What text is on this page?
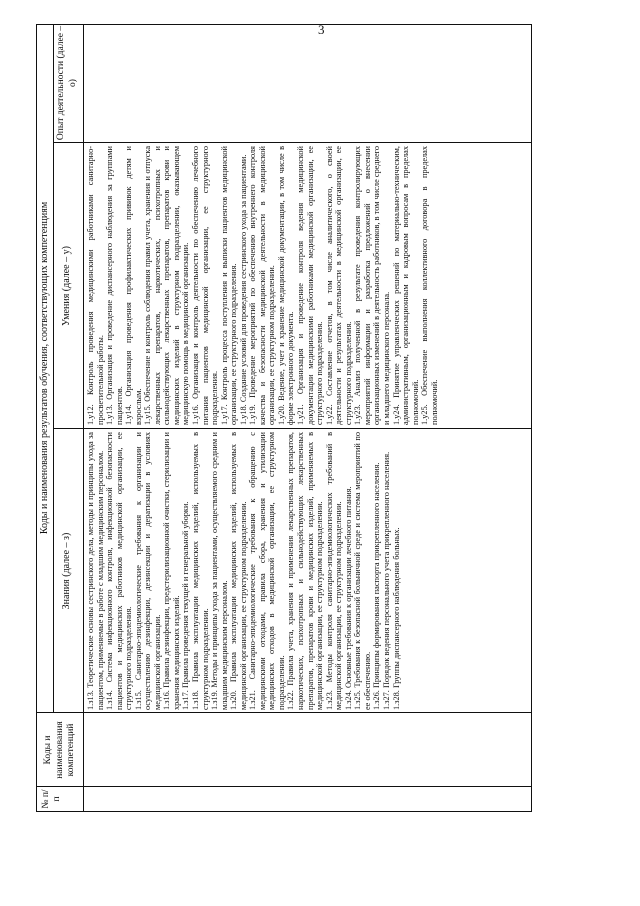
3
№ п/п
Коды и наименования результатов обучения, соответствующих компетенциям
Коды и наименования компетенций
Знания (далее – з)
Умения (далее – у)
Опыт деятельности (далее – о)

1.з13. Теоретические основы сестринского дела, методы и принципы ухода за пациентом, применяемые в работе с младшим медицинским персоналом. 1.з14. Система инфекционного контроля, инфекционной безопасности пациентов и медицинских работников медицинской организации, ее структурного подразделения. 1.з15. Санитарно-эпидемиологические требования к организации и осуществлению дезинфекции, дезинсекции и дератизации в условиях медицинской организации. 1.з16. Правила дезинфекции, предстерилизационной очистки, стерилизации и хранения медицинских изделий. 1.з17. Правила проведения текущей и генеральной уборки. 1.з18. Правила эксплуатации медицинских изделий, используемых в структурном подразделении. 1.з19. Методы и принципы ухода за пациентами, осуществляемого средним и младшим медицинским персоналом. 1.з20. Правила эксплуатации медицинских изделий, используемых в медицинской организации, ее структурном подразделении. 1.з21. Санитарно-эпидемиологические требования к обращению с медицинскими отходами, правила сбора, хранения и утилизации медицинских отходов в медицинской организации, ее структурном подразделении. 1.з22. Правила учета, хранения и применения лекарственных препаратов, наркотических, психотропных и сильнодействующих лекарственных препаратов, препаратов крови и медицинских изделий, применяемых в медицинской организации, ее структурном подразделении. 1.з23. Методы контроля санитарно-эпидемиологических требований в медицинской организации, ее структурном подразделении. 1.з24. Основные требования к организации лечебного питания. 1.з25. Требования к безопасной больничной среде и система мероприятий по ее обеспечению. 1.з26. Принципы формирования паспорта прикрепленного населения. 1.з27. Порядок ведения персонального учета прикрепленного населения. 1.з28. Группы диспансерного наблюдения больных.

1.у12. Контроль проведения медицинскими работниками санитарно-просветительной работы. 1.у13. Организация и проведение диспансерного наблюдения за группами пациентов. 1.у14. Организация проведения профилактических прививок детям и взрослым. 1.у15. Обеспечение и контроль соблюдения правил учета, хранения и отпуска лекарственных препаратов, наркотических, психотропных и сильнодействующих лекарственных препаратов, препаратов крови и медицинских изделий в структурном подразделении, оказывающем медицинскую помощь в медицинской организации. 1.у16. Организация и контроль деятельности по обеспечению лечебного питания пациентов медицинской организации, ее структурного подразделения. 1.у17. Контроль процесса поступления и выписки пациентов медицинской организации, ее структурного подразделения. 1.у18. Создание условий для проведения сестринского ухода за пациентами. 1.у19. Проведение мероприятий по обеспечению внутреннего контроля качества и безопасности медицинской деятельности в медицинской организации, ее структурном подразделении. 1.у20. Ведение, учет и хранение медицинской документации, в том числе в форме электронного документа. 1.у21. Организация и проведение контроля ведения медицинской документации медицинскими работниками медицинской организации, ее структурного подразделения. 1.у22. Составление отчетов, в том числе аналитического, о своей деятельности и результатах деятельности в медицинской организации, ее структурного подразделения. 1.у23. Анализ полученной в результате проведения контролирующих мероприятий информации и разработка предложений о внесении организационных изменений в деятельность работников, в том числе среднего и младшего медицинского персонала. 1.у24. Принятие управленческих решений по материально-техническим, административным, организационным и кадровым вопросам в пределах полномочий. 1.у25. Обеспечение выполнения коллективного договора в пределах полномочий.
